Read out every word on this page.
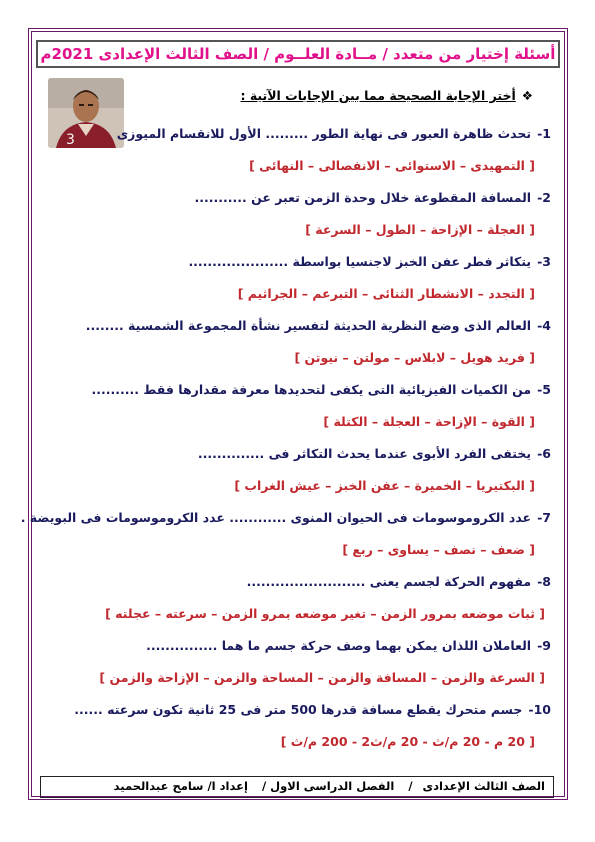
أسئلة إختيار من متعدد / مــادة العلــوم / الصف الثالث الإعدادى 2021م
3
❖أختر الإجابة الصحيحة مما بين الإجابات الآتية :
1-تحدث ظاهرة العبور فى نهاية الطور ......... الأول للانقسام الميوزى
[ التمهيدى – الاستوائى – الانفصالى – النهائى ]
2-المسافة المقطوعة خلال وحدة الزمن تعبر عن ...........
[ العجلة – الإزاحة – الطول – السرعة ]
3-يتكاثر فطر عفن الخبز لاجنسيا بواسطة .....................
[ التجدد – الانشطار الثنائى – التبرعم – الجراثيم ]
4-العالم الذى وضع النظرية الحديثة لتفسير نشأة المجموعة الشمسية ........
[ فريد هويل – لابلاس – مولتن – نيوتن ]
5-من الكميات الفيزيائية التى يكفى لتحديدها معرفة مقدارها فقط ..........
[ القوة – الإزاحة – العجلة – الكتلة ]
6-يختفى الفرد الأبوى عندما يحدث التكاثر فى ..............
[ البكتيريا – الخميرة – عفن الخبز – عيش الغراب ]
7-عدد الكروموسومات فى الحيوان المنوى ............ عدد الكروموسومات فى البويضة .
[ ضعف – نصف – يساوى – ربع ]
8-مفهوم الحركة لجسم يعنى .........................
[ ثبات موضعه بمرور الزمن – تغير موضعه بمرو الزمن – سرعته – عجلته ]
9-العاملان اللذان يمكن بهما وصف حركة جسم ما هما ...............
[ السرعة والزمن – المسافة والزمن – المساحة والزمن – الإزاحة والزمن ]
10-جسم متحرك يقطع مسافة قدرها 500 متر فى 25 ثانية تكون سرعته ......
[ 20 م - 20 م/ث - 20 م/ث2 - 200 م/ث ]
الصف الثالث الإعدادى/ الفصل الدراسى الاول / إعداد ا/ سامح عبدالحميد
